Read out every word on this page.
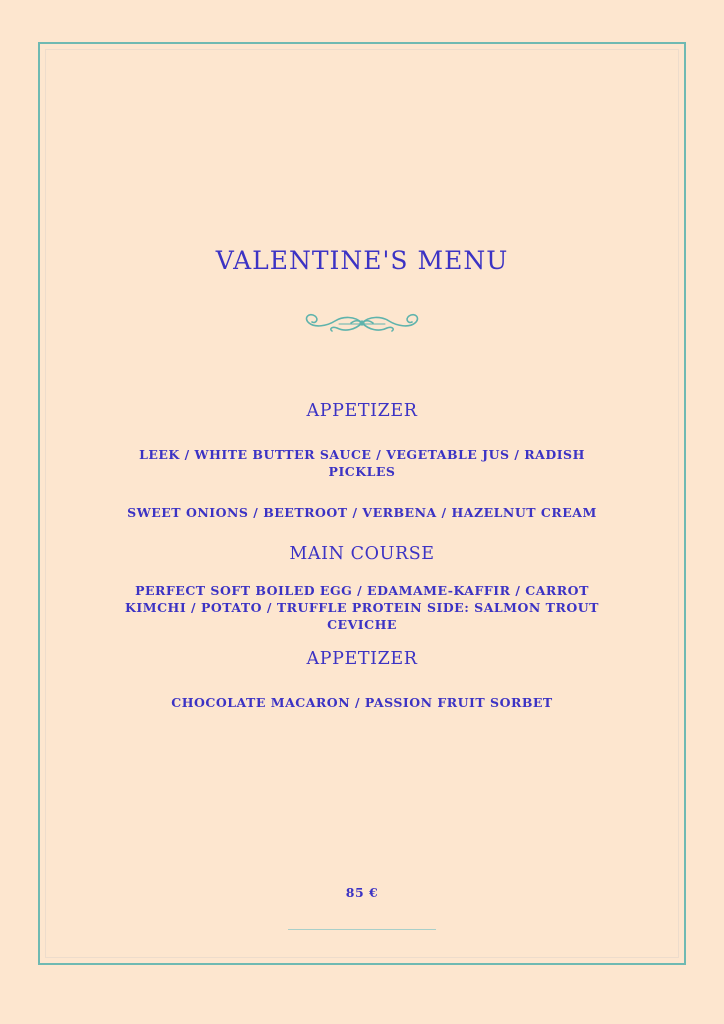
VALENTINE'S MENU
APPETIZER

LEEK / WHITE BUTTER SAUCE / VEGETABLE JUS / RADISH PICKLES

SWEET ONIONS / BEETROOT / VERBENA / HAZELNUT CREAM

MAIN COURSE

PERFECT SOFT BOILED EGG / EDAMAME-KAFFIR / CARROT KIMCHI / POTATO / TRUFFLE PROTEIN SIDE: SALMON TROUT CEVICHE

APPETIZER

CHOCOLATE MACARON / PASSION FRUIT SORBET

85 €
